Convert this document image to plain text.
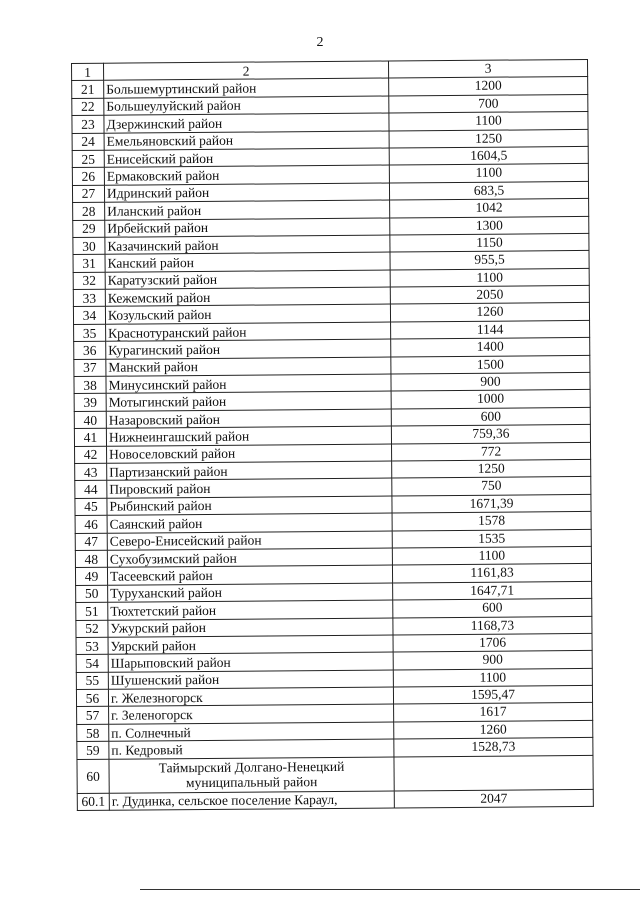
2
1	2	3
21	Большемуртинский район	1200
22	Большеулуйский район	700
23	Дзержинский район	1100
24	Емельяновский район	1250
25	Енисейский район	1604,5
26	Ермаковский район	1100
27	Идринский район	683,5
28	Иланский район	1042
29	Ирбейский район	1300
30	Казачинский район	1150
31	Канский район	955,5
32	Каратузский район	1100
33	Кежемский район	2050
34	Козульский район	1260
35	Краснотуранский район	1144
36	Курагинский район	1400
37	Манский район	1500
38	Минусинский район	900
39	Мотыгинский район	1000
40	Назаровский район	600
41	Нижнеингашский район	759,36
42	Новоселовский район	772
43	Партизанский район	1250
44	Пировский район	750
45	Рыбинский район	1671,39
46	Саянский район	1578
47	Северо-Енисейский район	1535
48	Сухобузимский район	1100
49	Тасеевский район	1161,83
50	Туруханский район	1647,71
51	Тюхтетский район	600
52	Ужурский район	1168,73
53	Уярский район	1706
54	Шарыповский район	900
55	Шушенский район	1100
56	г. Железногорск	1595,47
57	г. Зеленогорск	1617
58	п. Солнечный	1260
59	п. Кедровый	1528,73
60	Таймырский Долгано-Ненецкий муниципальный район	
60.1	г. Дудинка, сельское поселение Караул,	2047
